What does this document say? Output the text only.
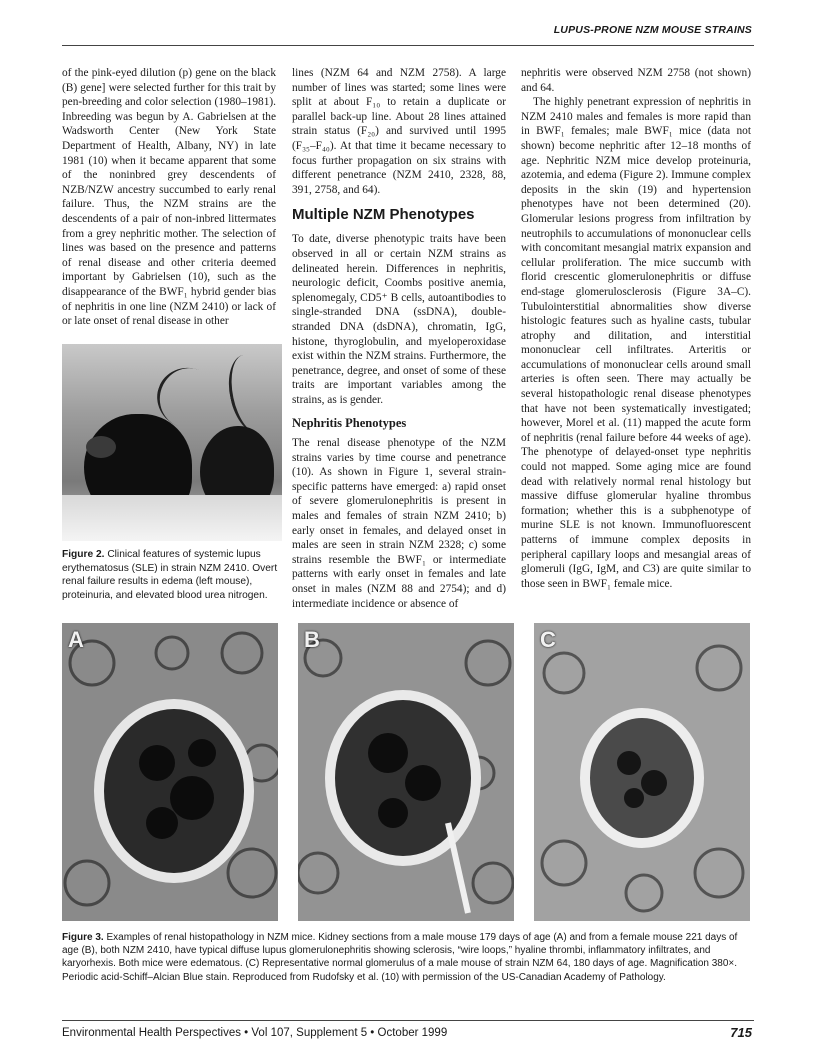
LUPUS-PRONE NZM MOUSE STRAINS

of the pink-eyed dilution (p) gene on the black (B) gene] were selected further for this trait by pen-breeding and color selection (1980–1981). Inbreeding was begun by A. Gabrielsen at the Wadsworth Center (New York State Department of Health, Albany, NY) in late 1981 (10) when it became apparent that some of the noninbred grey descendents of NZB/NZW ancestry succumbed to early renal failure. Thus, the NZM strains are the descendents of a pair of non-inbred littermates from a grey nephritic mother. The selection of lines was based on the presence and patterns of renal disease and other criteria deemed important by Gabrielsen (10), such as the disappearance of the BWF₁ hybrid gender bias of nephritis in one line (NZM 2410) or lack of or late onset of renal disease in other

Figure 2. Clinical features of systemic lupus erythematosus (SLE) in strain NZM 2410. Overt renal failure results in edema (left mouse), proteinuria, and elevated blood urea nitrogen.

lines (NZM 64 and NZM 2758). A large number of lines was started; some lines were split at about F₁₀ to retain a duplicate or parallel back-up line. About 28 lines attained strain status (F₂₀) and survived until 1995 (F₃₅–F₄₀). At that time it became necessary to focus further propagation on six strains with different penetrance (NZM 2410, 2328, 88, 391, 2758, and 64).

Multiple NZM Phenotypes

To date, diverse phenotypic traits have been observed in all or certain NZM strains as delineated herein. Differences in nephritis, neurologic deficit, Coombs positive anemia, splenomegaly, CD5⁺ B cells, autoantibodies to single-stranded DNA (ssDNA), double-stranded DNA (dsDNA), chromatin, IgG, histone, thyroglobulin, and myeloperoxidase exist within the NZM strains. Furthermore, the penetrance, degree, and onset of some of these traits are important variables among the strains, as is gender.

Nephritis Phenotypes

The renal disease phenotype of the NZM strains varies by time course and penetrance (10). As shown in Figure 1, several strain-specific patterns have emerged: a) rapid onset of severe glomerulonephritis is present in males and females of strain NZM 2410; b) early onset in females, and delayed onset in males are seen in strain NZM 2328; c) some strains resemble the BWF₁ or intermediate patterns with early onset in females and late onset in males (NZM 88 and 2754); and d) intermediate incidence or absence of

nephritis were observed NZM 2758 (not shown) and 64.

The highly penetrant expression of nephritis in NZM 2410 males and females is more rapid than in BWF₁ females; male BWF₁ mice (data not shown) become nephritic after 12–18 months of age. Nephritic NZM mice develop proteinuria, azotemia, and edema (Figure 2). Immune complex deposits in the skin (19) and hypertension phenotypes have not been determined (20). Glomerular lesions progress from infiltration by neutrophils to accumulations of mononuclear cells with concomitant mesangial matrix expansion and cellular proliferation. The mice succumb with florid crescentic glomerulonephritis or diffuse end-stage glomerulosclerosis (Figure 3A–C). Tubulointerstitial abnormalities show diverse histologic features such as hyaline casts, tubular atrophy and dilitation, and interstitial mononuclear cell infiltrates. Arteritis or accumulations of mononuclear cells around small arteries is often seen. There may actually be several histopathologic renal disease phenotypes that have not been systematically investigated; however, Morel et al. (11) mapped the acute form of nephritis (renal failure before 44 weeks of age). The phenotype of delayed-onset type nephritis could not mapped. Some aging mice are found dead with relatively normal renal histology but massive diffuse glomerular hyaline thrombus formation; whether this is a subphenotype of murine SLE is not known. Immunofluorescent patterns of immune complex deposits in peripheral capillary loops and mesangial areas of glomeruli (IgG, IgM, and C3) are quite similar to those seen in BWF₁ female mice.

A	B	C
Figure 3. Examples of renal histopathology in NZM mice. Kidney sections from a male mouse 179 days of age (A) and from a female mouse 221 days of age (B), both NZM 2410, have typical diffuse lupus glomerulonephritis showing sclerosis, “wire loops,” hyaline thrombi, inflammatory infiltrates, and karyorhexis. Both mice were edematous. (C) Representative normal glomerulus of a male mouse of strain NZM 64, 180 days of age. Magnification 380×. Periodic acid-Schiff–Alcian Blue stain. Reproduced from Rudofsky et al. (10) with permission of the US-Canadian Academy of Pathology.
Environmental Health Perspectives • Vol 107, Supplement 5 • October 1999	715
